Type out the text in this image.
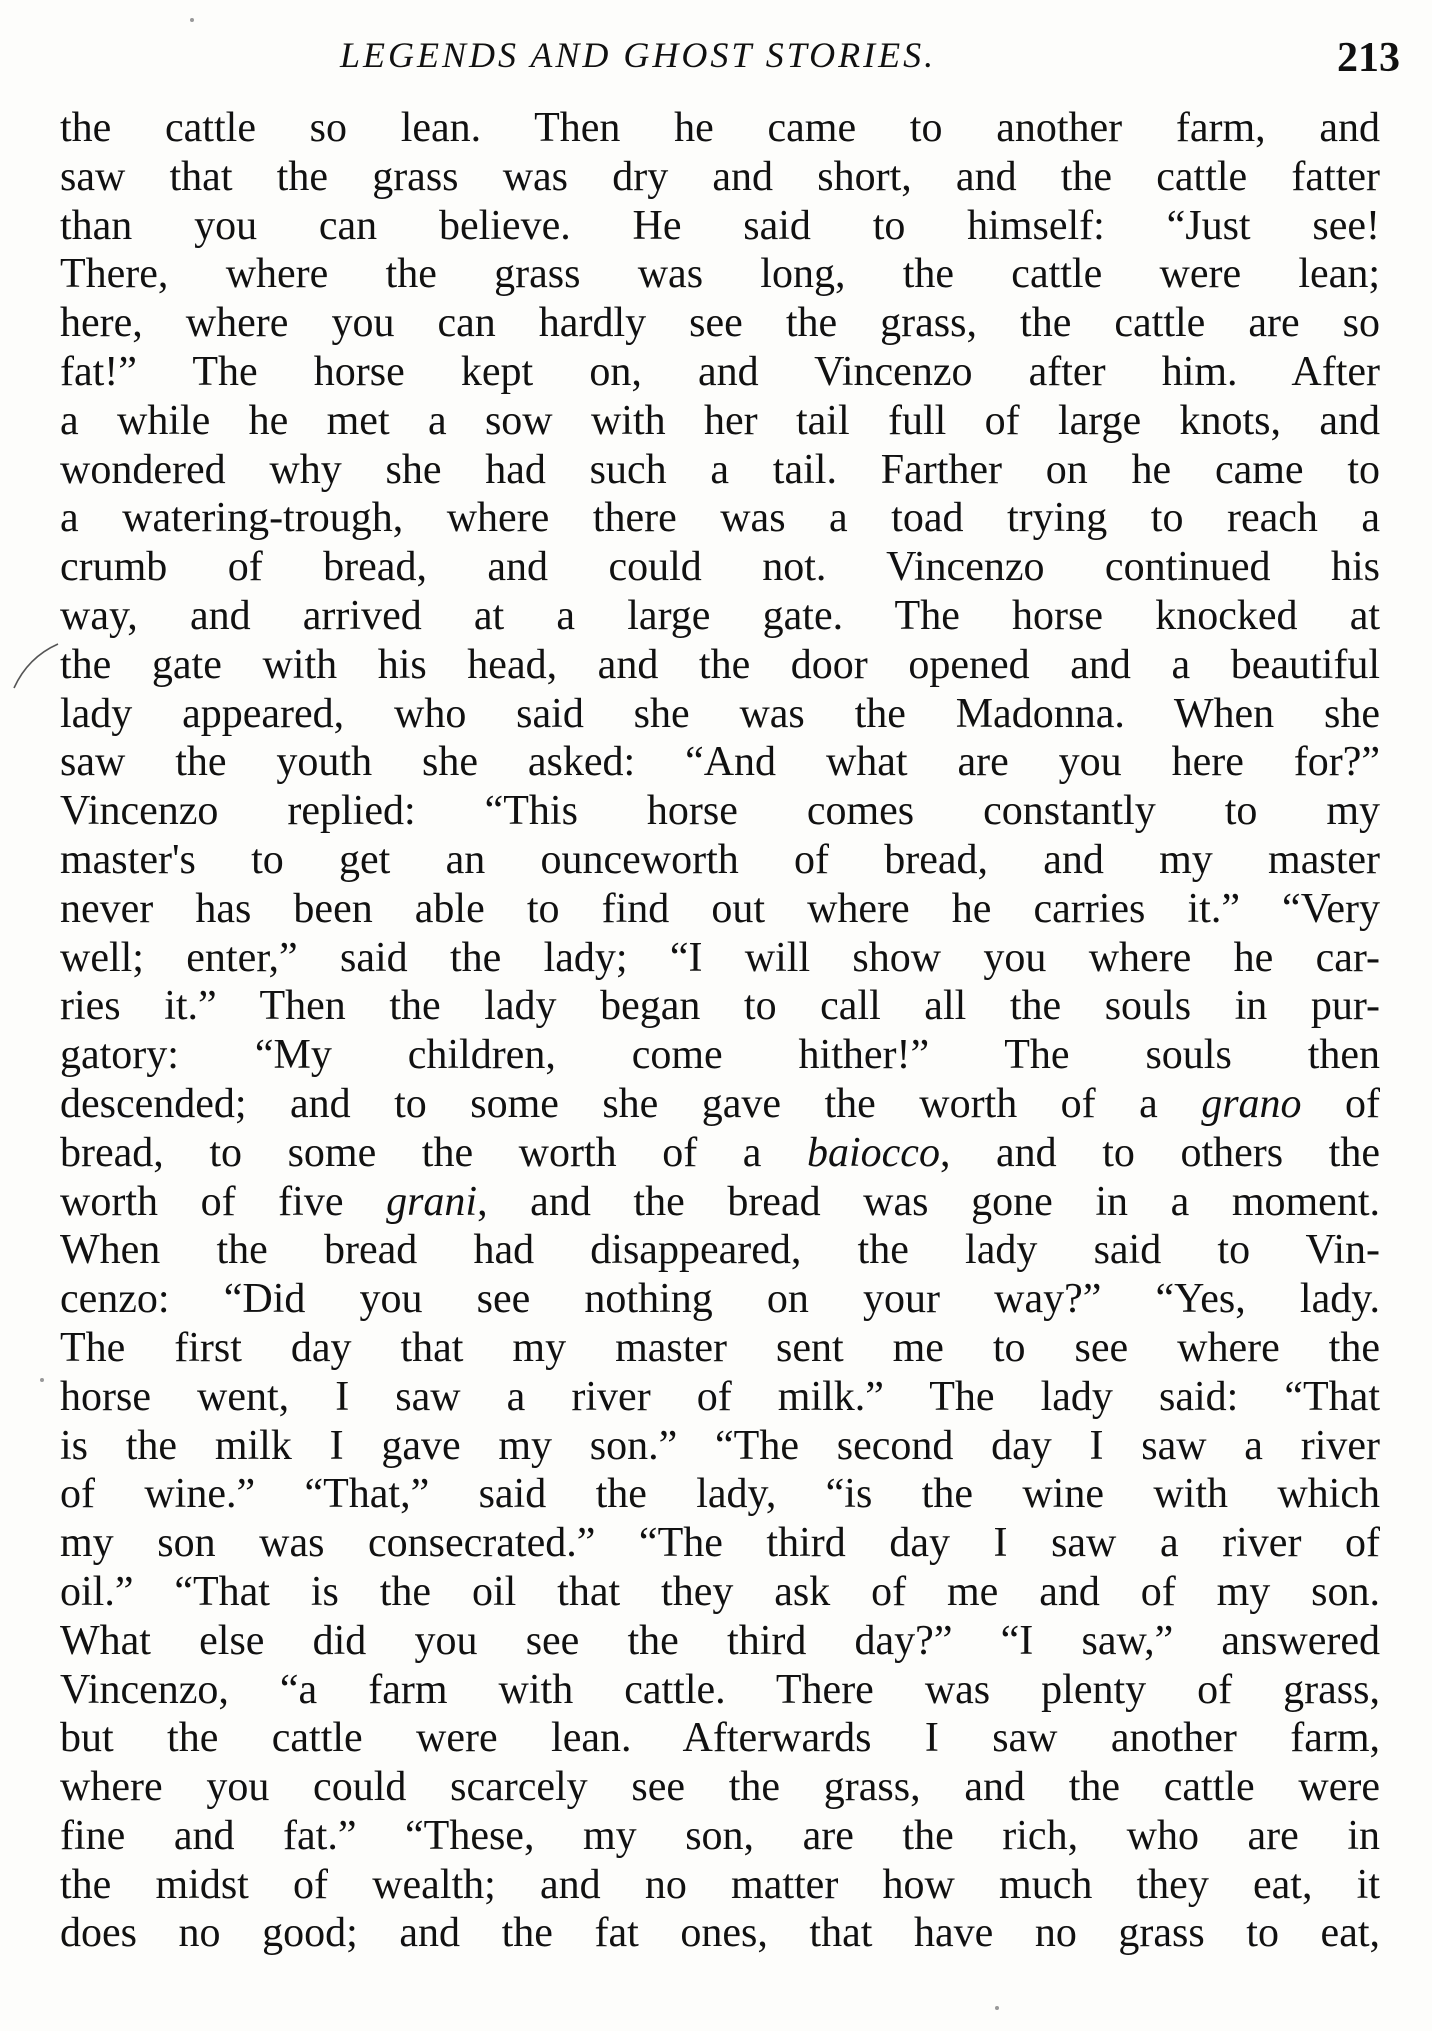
LEGENDS AND GHOST STORIES.	213
the cattle so lean. Then he came to another farm, and
saw that the grass was dry and short, and the cattle fatter
than you can believe. He said to himself: “Just see!
There, where the grass was long, the cattle were lean;
here, where you can hardly see the grass, the cattle are so
fat!” The horse kept on, and Vincenzo after him. After
a while he met a sow with her tail full of large knots, and
wondered why she had such a tail. Farther on he came to
a watering-trough, where there was a toad trying to reach a
crumb of bread, and could not. Vincenzo continued his
way, and arrived at a large gate. The horse knocked at
the gate with his head, and the door opened and a beautiful
lady appeared, who said she was the Madonna. When she
saw the youth she asked: “And what are you here for?”
Vincenzo replied: “This horse comes constantly to my
master's to get an ounceworth of bread, and my master
never has been able to find out where he carries it.” “Very
well; enter,” said the lady; “I will show you where he car-
ries it.” Then the lady began to call all the souls in pur-
gatory: “My children, come hither!” The souls then
descended; and to some she gave the worth of a grano of
bread, to some the worth of a baiocco, and to others the
worth of five grani, and the bread was gone in a moment.
When the bread had disappeared, the lady said to Vin-
cenzo: “Did you see nothing on your way?” “Yes, lady.
The first day that my master sent me to see where the
horse went, I saw a river of milk.” The lady said: “That
is the milk I gave my son.” “The second day I saw a river
of wine.” “That,” said the lady, “is the wine with which
my son was consecrated.” “The third day I saw a river of
oil.” “That is the oil that they ask of me and of my son.
What else did you see the third day?” “I saw,” answered
Vincenzo, “a farm with cattle. There was plenty of grass,
but the cattle were lean. Afterwards I saw another farm,
where you could scarcely see the grass, and the cattle were
fine and fat.” “These, my son, are the rich, who are in
the midst of wealth; and no matter how much they eat, it
does no good; and the fat ones, that have no grass to eat,
